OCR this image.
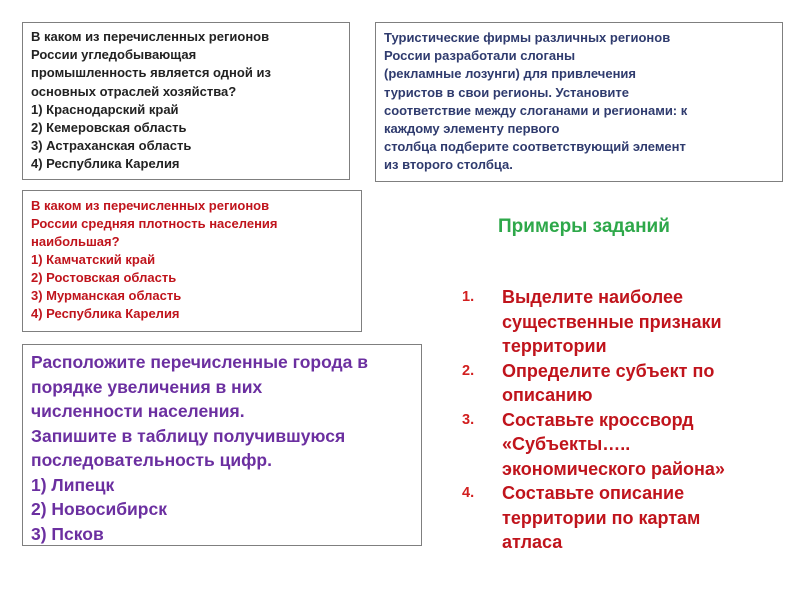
В каком из перечисленных регионов
России угледобывающая
промышленность является одной из
основных отраслей хозяйства?
1) Краснодарский край
2) Кемеровская область
3) Астраханская область
4) Республика Карелия
Туристические фирмы различных регионов
России разработали слоганы
(рекламные лозунги) для привлечения
туристов в свои регионы. Установите
соответствие между слоганами и регионами: к
каждому элементу первого
столбца подберите соответствующий элемент
из второго столбца.
В каком из перечисленных регионов
России средняя плотность населения
наибольшая?
1) Камчатский край
2) Ростовская область
3) Мурманская область
4) Республика Карелия
Расположите перечисленные города в
порядке увеличения в них
численности населения.
Запишите в таблицу получившуюся
последовательность цифр.
1) Липецк
2) Новосибирск
3) Псков
Примеры заданий
1.	Выделите наиболее
существенные признаки
территории
2.	Определите субъект по
описанию
3.	Составьте кроссворд
«Субъекты…..
экономического района»
4.	Составьте описание
территории по картам
атласа
